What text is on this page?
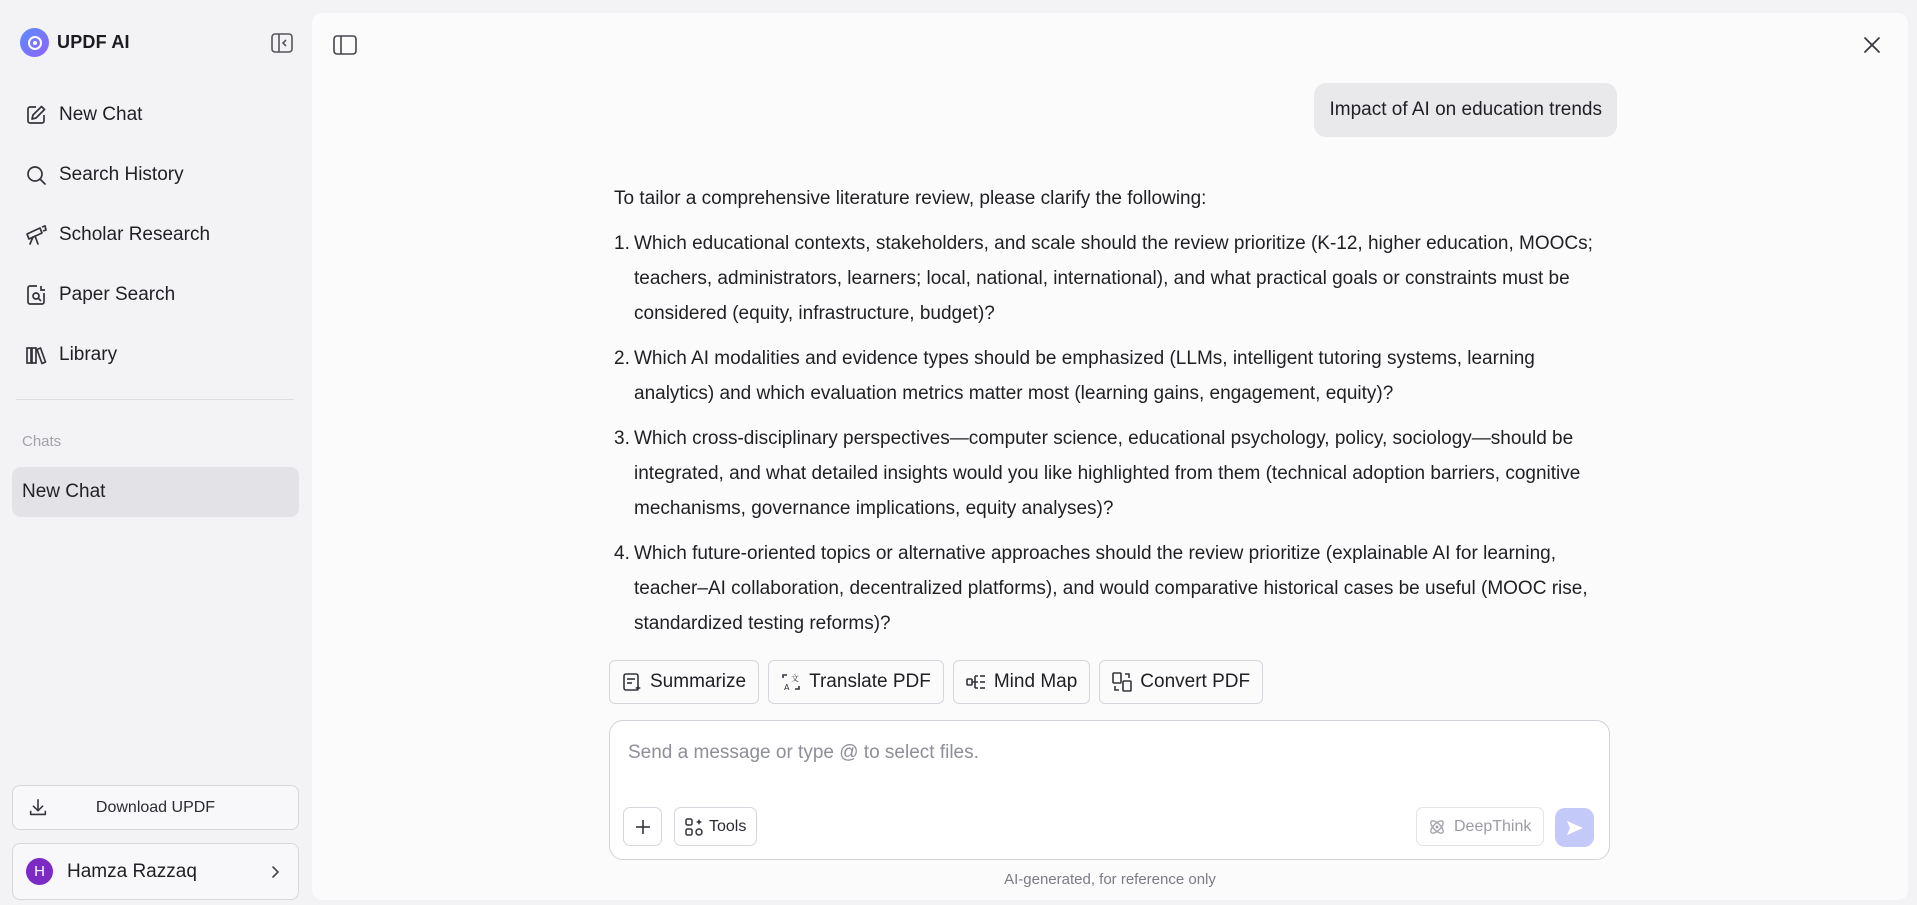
UPDF AI
New Chat
Search History
Scholar Research
Paper Search
Library
Chats
New Chat
Download UPDF
H	Hamza Razzaq
Impact of AI on education trends

To tailor a comprehensive literature review, please clarify the following:

1. Which educational contexts, stakeholders, and scale should the review prioritize (K-12, higher education, MOOCs; teachers, administrators, learners; local, national, international), and what practical goals or constraints must be considered (equity, infrastructure, budget)?
2. Which AI modalities and evidence types should be emphasized (LLMs, intelligent tutoring systems, learning analytics) and which evaluation metrics matter most (learning gains, engagement, equity)?
3. Which cross-disciplinary perspectives—computer science, educational psychology, policy, sociology—should be integrated, and what detailed insights would you like highlighted from them (technical adoption barriers, cognitive mechanisms, governance implications, equity analyses)?
4. Which future-oriented topics or alternative approaches should the review prioritize (explainable AI for learning, teacher–AI collaboration, decentralized platforms), and would comparative historical cases be useful (MOOC rise, standardized testing reforms)?
Summarize	文
A Translate PDF	Mind Map	Convert PDF
Send a message or type @ to select files.
Tools	DeepThink
AI-generated, for reference only
